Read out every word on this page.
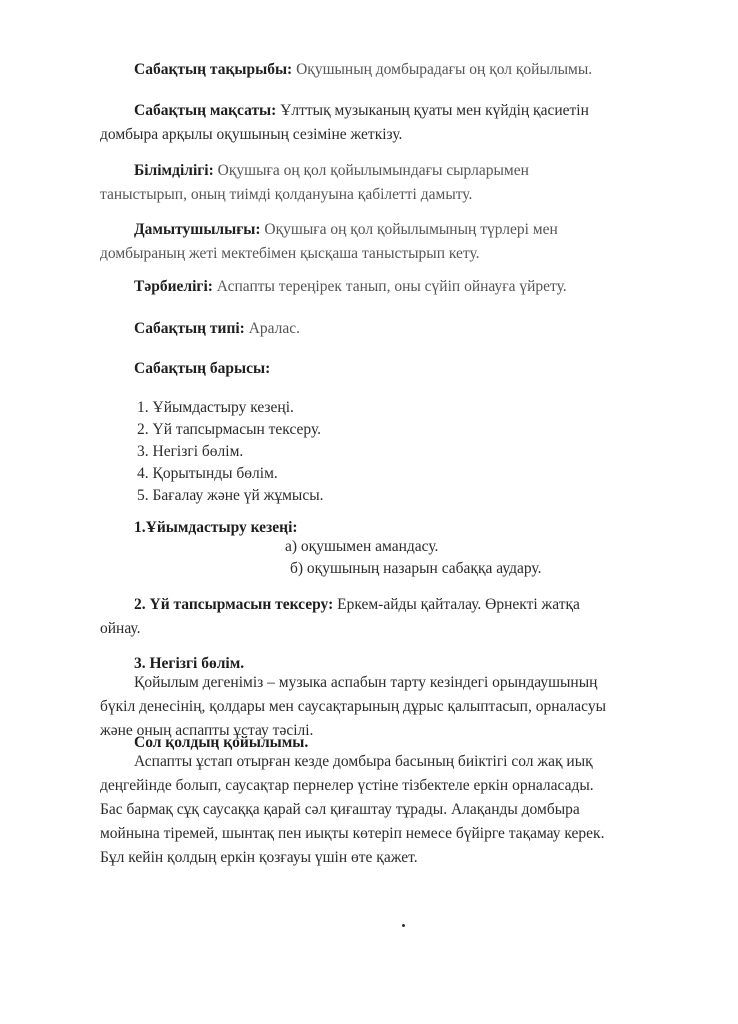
Сабақтың тақырыбы: Оқушының домбырадағы оң қол қойылымы.
Сабақтың мақсаты: Ұлттық музыканың қуаты мен күйдің қасиетін
домбыра арқылы оқушының сезіміне жеткізу.
Білімділігі: Оқушыға оң қол қойылымындағы сырларымен
таныстырып, оның тиімді қолдануына қабілетті дамыту.
Дамытушылығы: Оқушыға оң қол қойылымының түрлері мен
домбыраның жеті мектебімен қысқаша таныстырып кету.
Тәрбиелігі: Аспапты тереңірек танып, оны сүйіп ойнауға үйрету.
Сабақтың типі: Аралас.
Сабақтың барысы:
1. Ұйымдастыру кезеңі.
2. Үй тапсырмасын тексеру.
3. Негізгі бөлім.
4. Қорытынды бөлім.
5. Бағалау және үй жұмысы.
1.Ұйымдастыру кезеңі:
а) оқушымен амандасу.
б) оқушының назарын сабаққа аудару.
2. Үй тапсырмасын тексеру: Еркем-айды қайталау. Өрнекті жатқа
ойнау.
3. Негізгі бөлім.
Қойылым дегеніміз – музыка аспабын тарту кезіндегі орындаушының
бүкіл денесінің, қолдары мен саусақтарының дұрыс қалыптасып, орналасуы
және оның аспапты ұстау тәсілі.
Сол қолдың қойылымы.
Аспапты ұстап отырған кезде домбыра басының биіктігі сол жақ иық
деңгейінде болып, саусақтар пернелер үстіне тізбектеле еркін орналасады.
Бас бармақ сұқ саусаққа қарай сәл қиғаштау тұрады. Алақанды домбыра
мойнына тіремей, шынтақ пен иықты көтеріп немесе бүйірге тақамау керек.
Бұл кейін қолдың еркін қозғауы үшін өте қажет.
